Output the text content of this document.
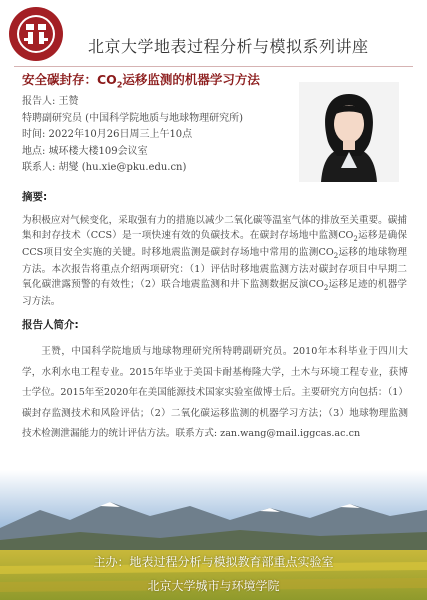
北京大学地表过程分析与模拟系列讲座
安全碳封存：$CO_2$运移监测的机器学习方法
报告人: 王赞
特聘副研究员 (中国科学院地质与地球物理研究所)
时间: 2022年10月26日周三上午10点
地点: 城环楼大楼109会议室
联系人: 胡燮 (hu.xie@pku.edu.cn)
摘要:
为积极应对气候变化，采取强有力的措施以减少二氧化碳等温室气体的排放至关重要。碳捕集和封存技术（CCS）是一项快速有效的负碳技术。在碳封存场地中监测$CO_2$运移是确保CCS项目安全实施的关键。时移地震监测是碳封存场地中常用的监测$CO_2$运移的地球物理方法。本次报告将重点介绍两项研究：（1）评估时移地震监测方法对碳封存项目中早期二氧化碳泄露预警的有效性；（2）联合地震监测和井下监测数据反演$CO_2$运移足迹的机器学习方法。
报告人简介:
王赞，中国科学院地质与地球物理研究所特聘副研究员。2010年本科毕业于四川大学，水利水电工程专业。2015年毕业于美国卡耐基梅隆大学，土木与环境工程专业，获博士学位。2015年至2020年在美国能源技术国家实验室做博士后。主要研究方向包括：（1）碳封存监测技术和风险评估；（2）二氧化碳运移监测的机器学习方法；（3）地球物理监测技术检测泄漏能力的统计评估方法。联系方式: zan.wang@mail.iggcas.ac.cn
主办：地表过程分析与模拟教育部重点实验室
北京大学城市与环境学院
